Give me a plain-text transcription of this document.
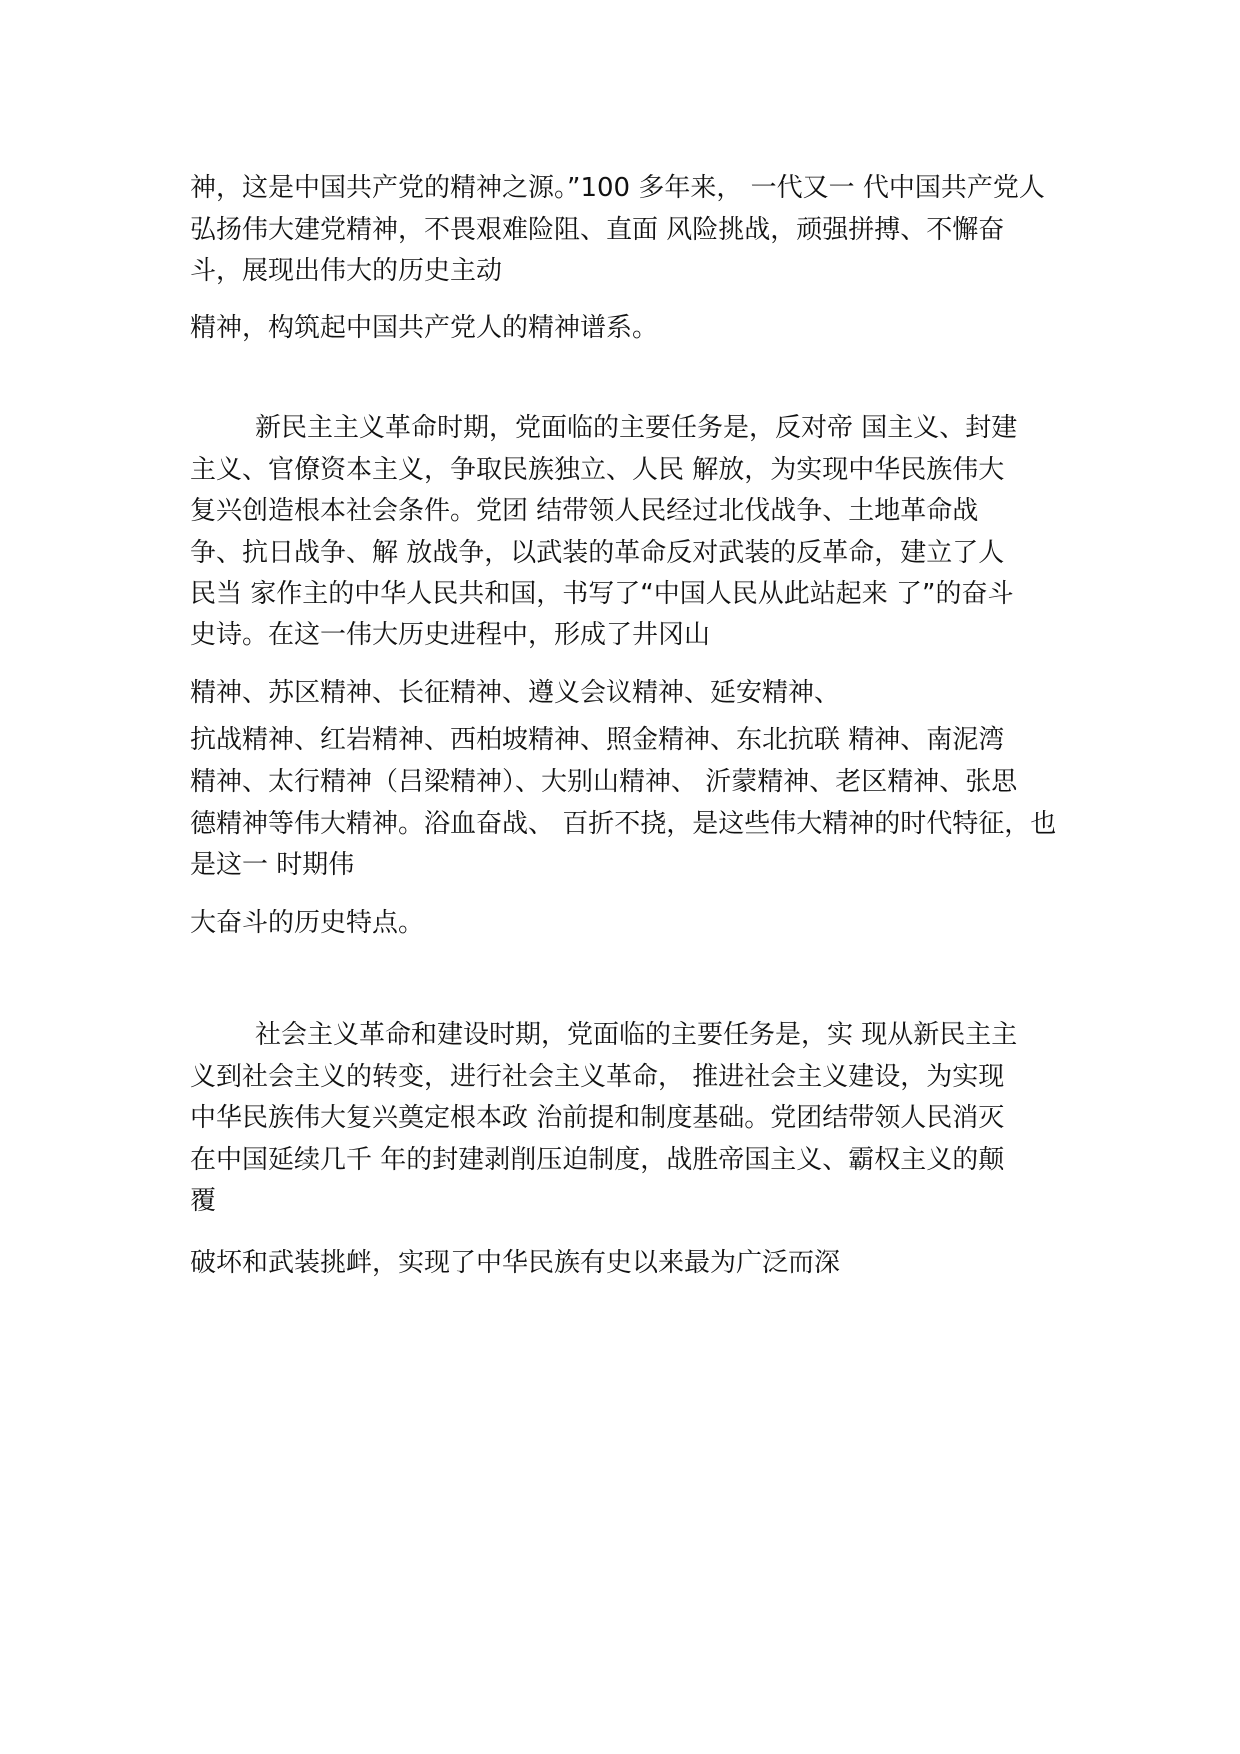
神，这是中国共产党的精神之源。”100 多年来， 一代又一 代中国共产党人
弘扬伟大建党精神，不畏艰难险阻、直面 风险挑战，顽强拼搏、不懈奋
斗，展现出伟大的历史主动
精神，构筑起中国共产党人的精神谱系。
新民主主义革命时期，党面临的主要任务是，反对帝 国主义、封建
主义、官僚资本主义，争取民族独立、人民 解放，为实现中华民族伟大
复兴创造根本社会条件。党团 结带领人民经过北伐战争、土地革命战
争、抗日战争、解 放战争，以武装的革命反对武装的反革命，建立了人
民当 家作主的中华人民共和国，书写了“中国人民从此站起来 了”的奋斗
史诗。在这一伟大历史进程中，形成了井冈山
精神、苏区精神、长征精神、遵义会议精神、延安精神、
抗战精神、红岩精神、西柏坡精神、照金精神、东北抗联 精神、南泥湾
精神、太行精神（吕梁精神）、大别山精神、 沂蒙精神、老区精神、张思
德精神等伟大精神。浴血奋战、 百折不挠，是这些伟大精神的时代特征，也
是这一 时期伟
大奋斗的历史特点。
社会主义革命和建设时期，党面临的主要任务是，实 现从新民主主
义到社会主义的转变，进行社会主义革命， 推进社会主义建设，为实现
中华民族伟大复兴奠定根本政 治前提和制度基础。党团结带领人民消灭
在中国延续几千 年的封建剥削压迫制度，战胜帝国主义、霸权主义的颠
覆
破坏和武装挑衅，实现了中华民族有史以来最为广泛而深
